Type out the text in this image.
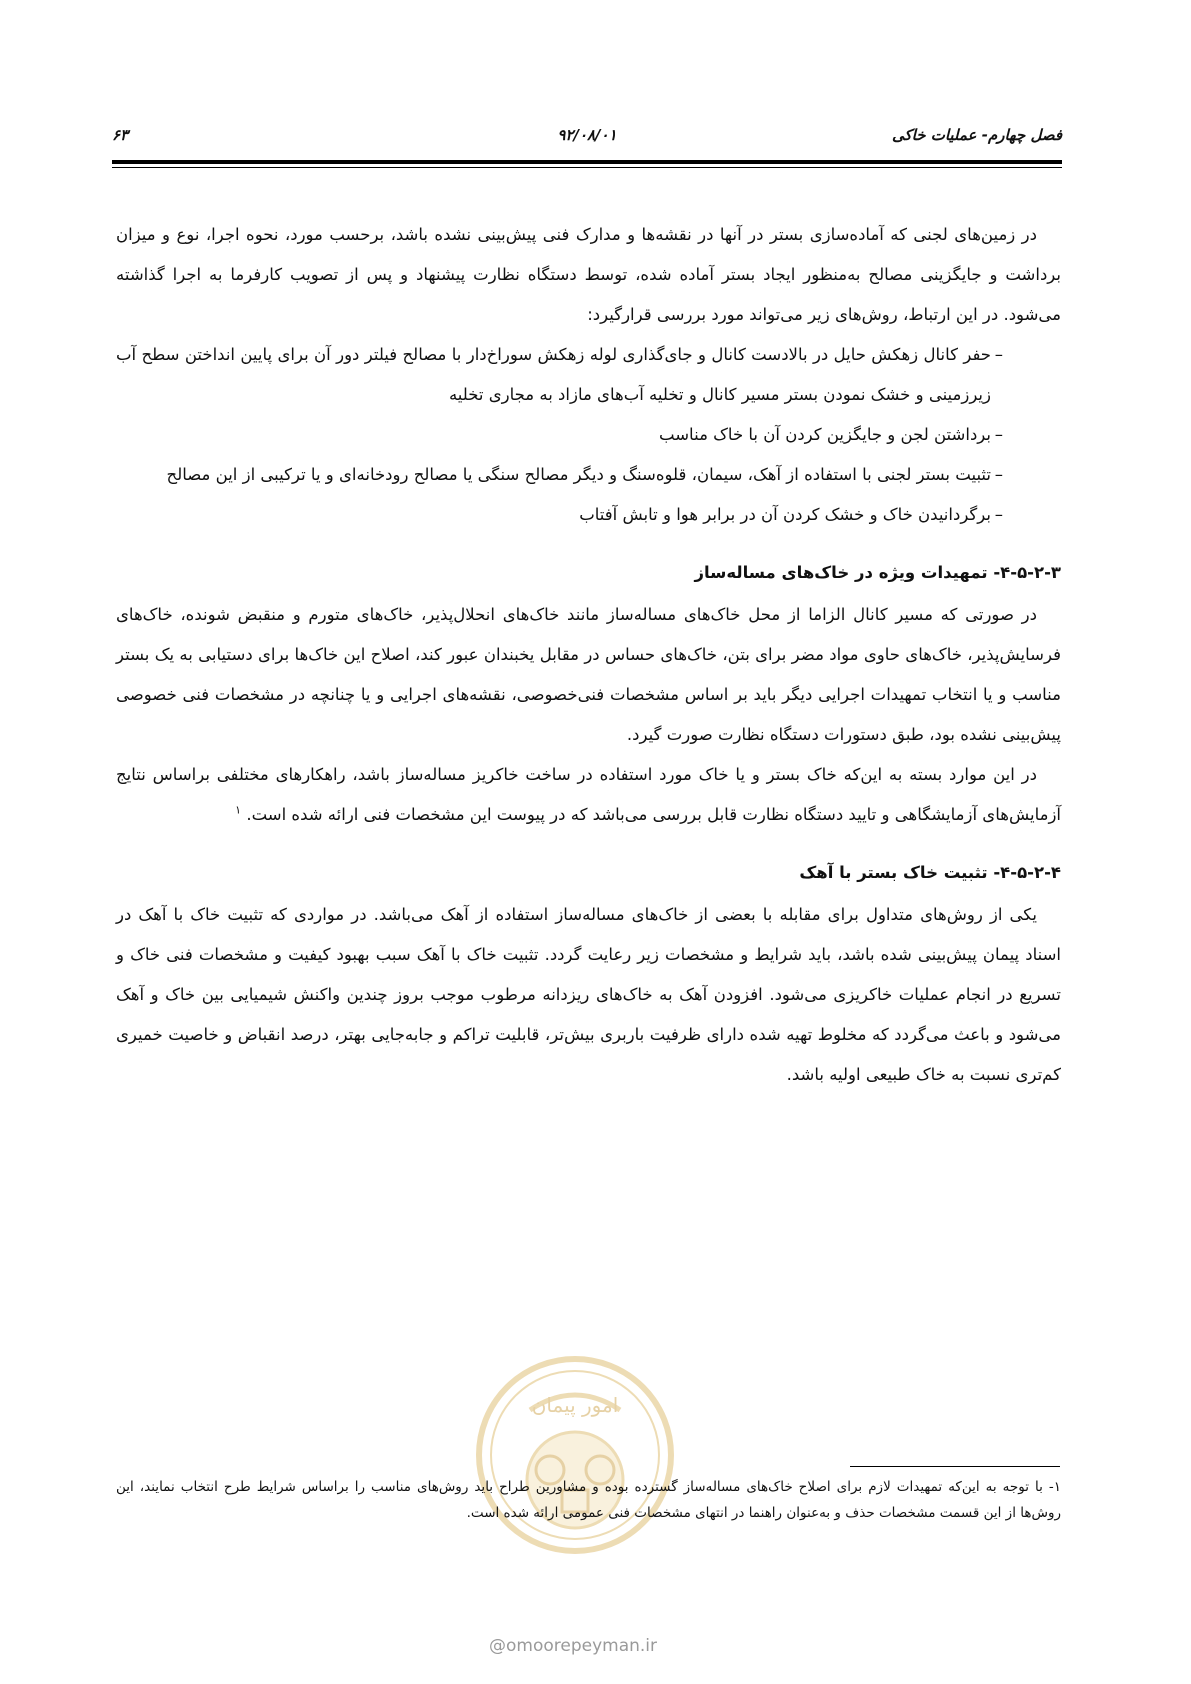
فصل چهارم- عملیات خاکی
۹۲/۰۸/۰۱
۶۳

در زمین‌های لجنی که آماده‌سازی بستر در آنها در نقشه‌ها و مدارک فنی پیش‌بینی نشده باشد، برحسب مورد، نحوه اجرا، نوع و میزان برداشت و جایگزینی مصالح به‌منظور ایجاد بستر آماده شده، توسط دستگاه نظارت پیشنهاد و پس از تصویب کارفرما به اجرا گذاشته می‌شود. در این ارتباط، روش‌های زیر می‌تواند مورد بررسی قرارگیرد:

–
حفر کانال زهکش حایل در بالادست کانال و جای‌گذاری لوله زهکش سوراخ‌دار با مصالح فیلتر دور آن برای پایین انداختن سطح آب زیرزمینی و خشک نمودن بستر مسیر کانال و تخلیه آب‌های مازاد به مجاری تخلیه
–
برداشتن لجن و جایگزین کردن آن با خاک مناسب
–
تثبیت بستر لجنی با استفاده از آهک، سیمان، قلوه‌سنگ و دیگر مصالح سنگی یا مصالح رودخانه‌ای و یا ترکیبی از این مصالح
–
برگردانیدن خاک و خشک کردن آن در برابر هوا و تابش آفتاب
۴-۵-۲-۳- تمهیدات ویژه در خاک‌های مساله‌ساز

در صورتی که مسیر کانال الزاما از محل خاک‌های مساله‌ساز مانند خاک‌های انحلال‌پذیر، خاک‌های متورم و منقبض شونده، خاک‌های فرسایش‌پذیر، خاک‌های حاوی مواد مضر برای بتن، خاک‌های حساس در مقابل یخبندان عبور کند، اصلاح این خاک‌ها برای دستیابی به یک بستر مناسب و یا انتخاب تمهیدات اجرایی دیگر باید بر اساس مشخصات فنی‌خصوصی، نقشه‌های اجرایی و یا چنانچه در مشخصات فنی خصوصی پیش‌بینی نشده بود، طبق دستورات دستگاه نظارت صورت گیرد.

در این موارد بسته به این‌که خاک بستر و یا خاک مورد استفاده در ساخت خاکریز مساله‌ساز باشد، راهکارهای مختلفی براساس نتایج آزمایش‌های آزمایشگاهی و تایید دستگاه نظارت قابل بررسی می‌باشد که در پیوست این مشخصات فنی ارائه شده است. $^۱$

۴-۵-۲-۴- تثبیت خاک بستر با آهک

یکی از روش‌های متداول برای مقابله با بعضی از خاک‌های مساله‌ساز استفاده از آهک می‌باشد. در مواردی که تثبیت خاک با آهک در اسناد پیمان پیش‌بینی شده باشد، باید شرایط و مشخصات زیر رعایت گردد. تثبیت خاک با آهک سبب بهبود کیفیت و مشخصات فنی خاک و تسریع در انجام عملیات خاکریزی می‌شود. افزودن آهک به خاک‌های ریزدانه مرطوب موجب بروز چندین واکنش شیمیایی بین خاک و آهک می‌شود و باعث می‌گردد که مخلوط تهیه شده دارای ظرفیت باربری بیش‌تر، قابلیت تراکم و جابه‌جایی بهتر، درصد انقباض و خاصیت خمیری کم‌تری نسبت به خاک طبیعی اولیه باشد.

امور پیمان
@omoorepeyman.ir
۱- با توجه به این‌که تمهیدات لازم برای اصلاح خاک‌های مساله‌ساز گسترده بوده و مشاورین طراح باید روش‌های مناسب را براساس شرایط طرح انتخاب نمایند، این روش‌ها از این قسمت مشخصات حذف و به‌عنوان راهنما در انتهای مشخصات فنی عمومی ارائه شده است.
